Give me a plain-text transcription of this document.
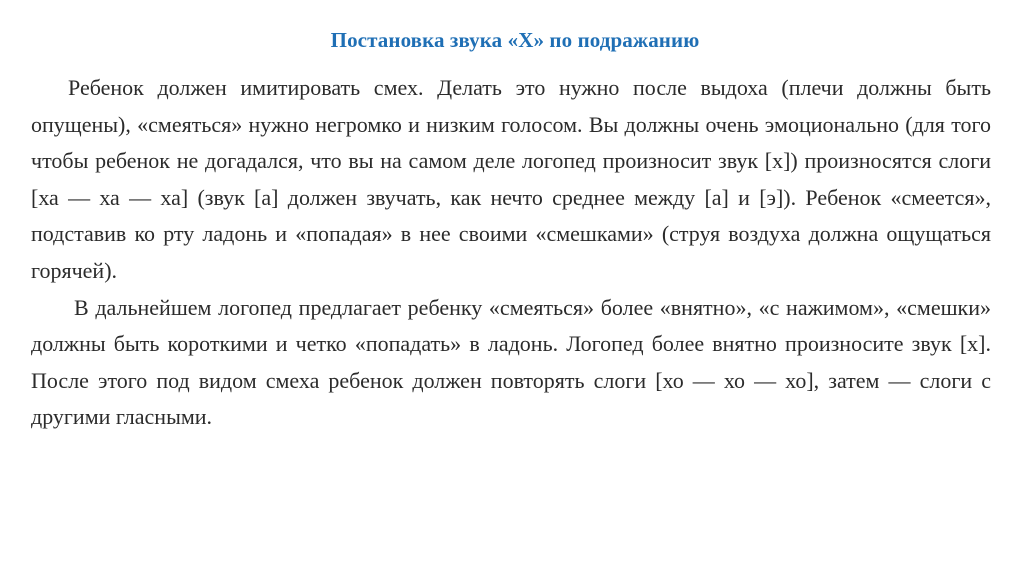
Постановка звука «Х» по подражанию

Ребенок должен имитировать смех. Делать это нужно после выдоха (плечи должны быть опущены), «смеяться» нужно негромко и низким голосом. Вы должны очень эмоционально (для того чтобы ребенок не догадался, что вы на самом деле логопед произносит звук [х]) произносятся слоги [ха — ха — ха] (звук [а] должен звучать, как нечто среднее между [а] и [э]). Ребенок «смеется», подставив ко рту ладонь и «попадая» в нее своими «смешками» (струя воздуха должна ощущаться горячей).

В дальнейшем логопед предлагает ребенку «смеяться» более «внятно», «с нажимом», «смешки» должны быть короткими и четко «попадать» в ладонь. Логопед более внятно произносите звук [х]. После этого под видом смеха ребенок должен повторять слоги [хо — хо — хо], затем — слоги с другими гласными.
